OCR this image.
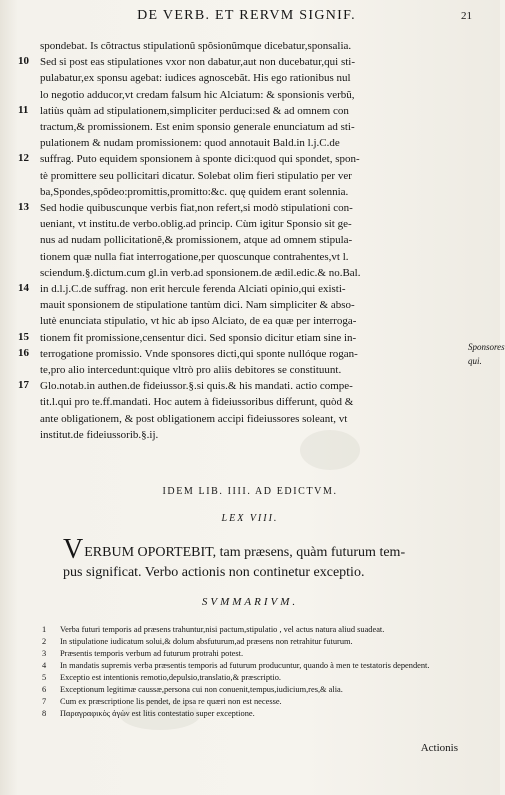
DE VERB. ET RERVM SIGNIF.	21

spondebat. Is cõtractus stipulationũ spõsionũmque dicebatur,sponsalia.

Sed si post eas stipulationes vxor non dabatur,aut non ducebatur,qui sti-

pulabatur,ex sponsu agebat: iudices agnoscebãt. His ego rationibus nul

lo negotio adducor,vt credam falsum hic Alciatum: & sponsionis verbũ,

latiùs quàm ad stipulationem,simpliciter perduci:sed & ad omnem con

tractum,& promissionem. Est enim sponsio generale enunciatum ad sti-

pulationem & nudam promissionem: quod annotauit Bald.in l.j.C.de

suffrag. Puto equidem sponsionem à sponte dici:quod qui spondet, spon-

tè promittere seu pollicitari dicatur. Solebat olim fieri stipulatio per ver

ba,Spondes,spõdeo:promittis,promitto:&c. quę quidem erant solennia.

Sed hodie quibuscunque verbis fiat,non refert,si modò stipulationi con-

ueniant, vt institu.de verbo.oblig.ad princip. Cùm igitur Sponsio sit ge-

nus ad nudam pollicitationẽ,& promissionem, atque ad omnem stipula-

tionem quæ nulla fiat interrogatione,per quoscunque contrahentes,vt l.

sciendum.§.dictum.cum gl.in verb.ad sponsionem.de ædil.edic.& no.Bal.

in d.l.j.C.de suffrag. non erit hercule ferenda Alciati opinio,qui existi-

mauit sponsionem de stipulatione tantùm dici. Nam simpliciter & abso-

lutè enunciata stipulatio, vt hic ab ipso Alciato, de ea quæ per interroga-

tionem fit promissione,censentur dici. Sed sponsio dicitur etiam sine in-

terrogatione promissio. Vnde sponsores dicti,qui sponte nullóque rogan-

te,pro alio intercedunt:quique vltrò pro aliis debitores se constituunt.

Glo.notab.in authen.de fideiussor.§.si quis.& his mandati. actio compe-

tit.l.qui pro te.ff.mandati. Hoc autem à fideiussoribus differunt, quòd &

ante obligationem, & post obligationem accipi fideiussores soleant, vt

institut.de fideiussorib.§.ij.

10
11
12
13
14
15
16
17
Sponsores qui.
IDEM LIB. IIII. AD EDICTVM.
LEX VIII.

VERBUM OPORTEBIT, tam præsens, quàm futurum tem-

pus significat. Verbo actionis non continetur exceptio.

SVMMARIVM.
1	Verba futuri temporis ad præsens trahuntur,nisi pactum,stipulatio , vel actus natura aliud suadeat.
2	In stipulatione iudicatum solui,& dolum absfuturum,ad præsens non retrahitur futurum.
3	Præsentis temporis verbum ad futurum protrahi potest.
4	In mandatis supremis verba præsentis temporis ad futurum producuntur, quando à men te testatoris dependent.
5	Exceptio est intentionis remotio,depulsio,translatio,& præscriptio.
6	Exceptionum legitimæ caussæ,persona cui non conuenit,tempus,iudicium,res,& alia.
7	Cum ex præscriptione lis pendet, de ipsa re quæri non est necesse.
8	Παραγραφικὸς ἀγὼν est litis contestatio super exceptione.
Actionis
